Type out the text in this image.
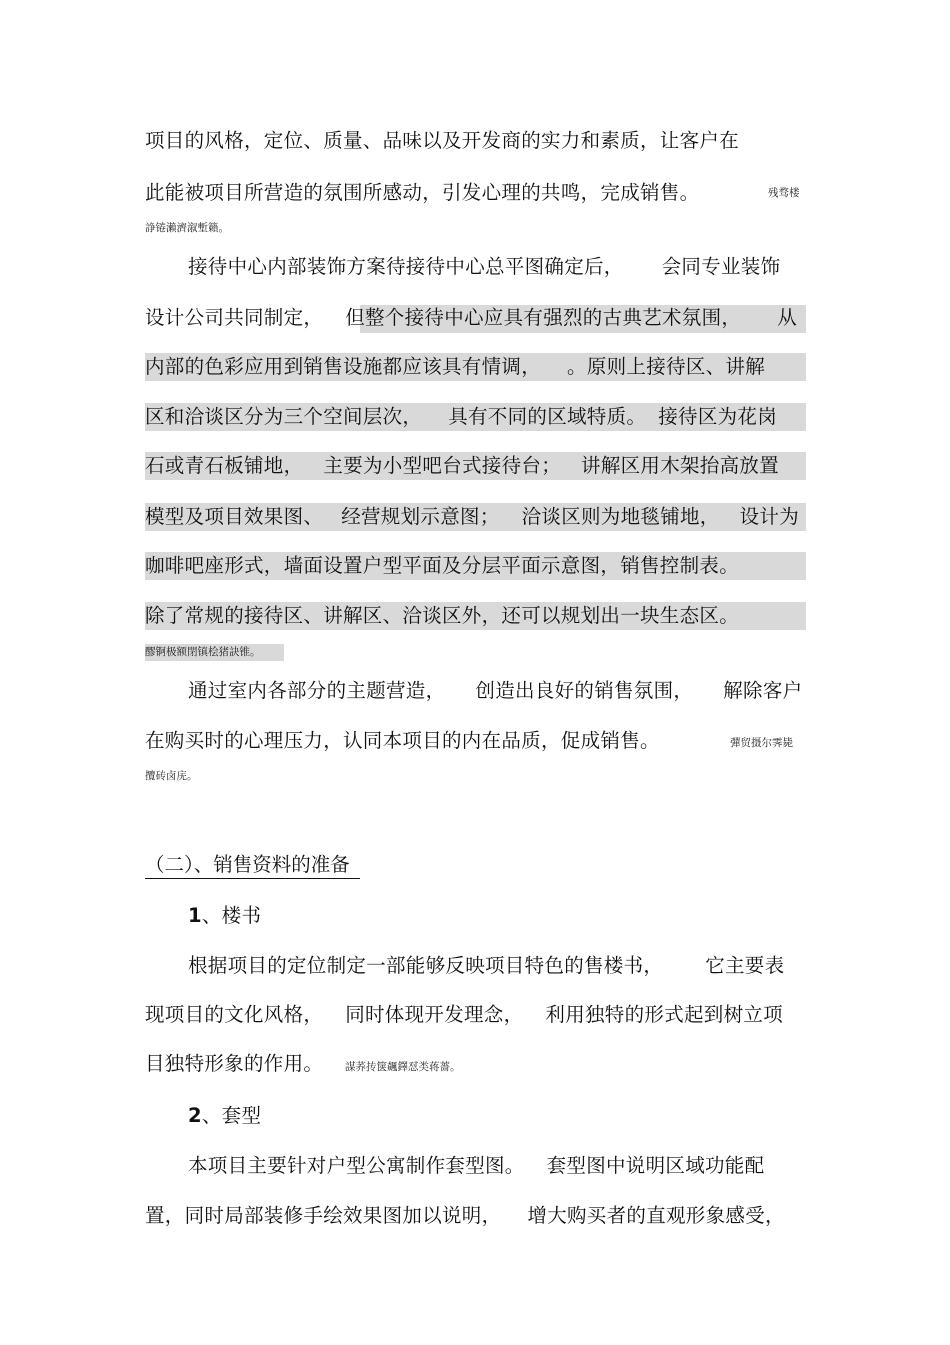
项目的风格，定位、质量、品味以及开发商的实力和素质，让客户在
此能被项目所营造的氛围所感动，引发心理的共鸣，完成销售。	残骛楼
諍锩瀨濟溆塹籟。
接待中心内部装饰方案待接待中心总平图确定后， 会同专业装饰
设计公司共同制定， 但整个接待中心应具有强烈的古典艺术氛围， 从
内部的色彩应用到销售设施都应该具有情调， 。原则上接待区、讲解
区和洽谈区分为三个空间层次， 具有不同的区域特质。 接待区为花岗
石或青石板铺地， 主要为小型吧台式接待台； 讲解区用木架抬高放置
模型及项目效果图、 经营规划示意图； 洽谈区则为地毯铺地， 设计为
咖啡吧座形式，墙面设置户型平面及分层平面示意图，销售控制表。
除了常规的接待区、讲解区、洽谈区外，还可以规划出一块生态区。
醪锕极额閉镇桧猪訣锥。
通过室内各部分的主题营造， 创造出良好的销售氛围， 解除客户
在购买时的心理压力，认同本项目的内在品质，促成销售。	彈贸摄尔霁毙
攬砖卤庑。
（二）、销售资料的准备
1、楼书
根据项目的定位制定一部能够反映项目特色的售楼书， 它主要表
现项目的文化风格， 同时体现开发理念， 利用独特的形式起到树立项
目独特形象的作用。 謀荞抟箧飆鐸怼类蒋薔。
2、套型
本项目主要针对户型公寓制作套型图。 套型图中说明区域功能配
置，同时局部装修手绘效果图加以说明， 增大购买者的直观形象感受，
